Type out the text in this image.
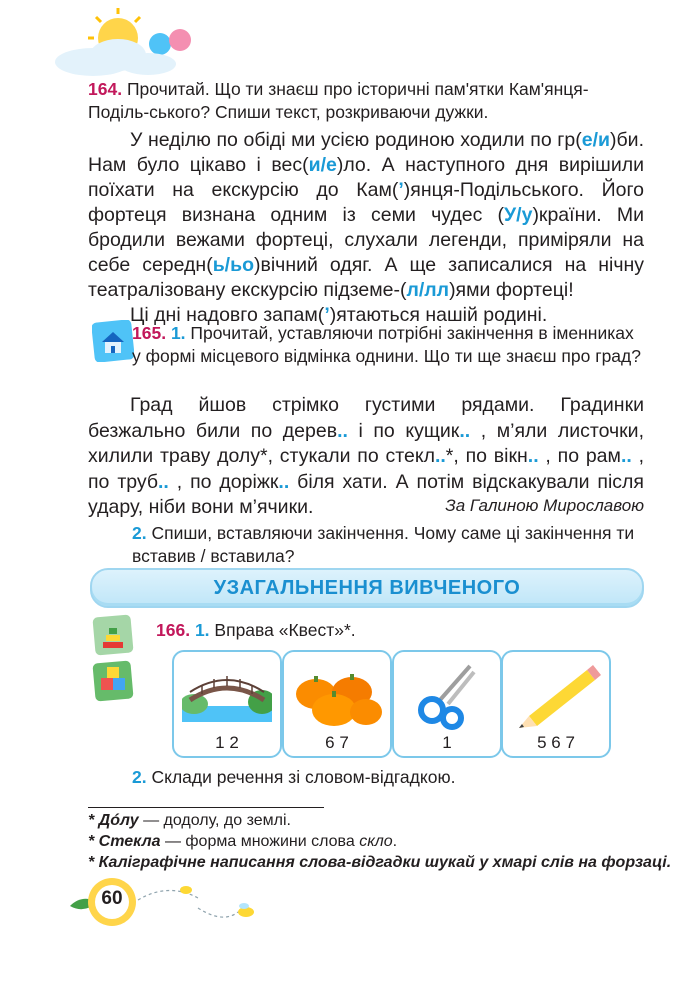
164. Прочитай. Що ти знаєш про історичні пам'ятки Кам'янця-Поділь-ського? Спиши текст, розкриваючи дужки.

У неділю по обіді ми усією родиною ходили по гр(е/и)би. Нам було цікаво і вес(и/е)ло. А наступного дня вирішили поїхати на екскурсію до Кам(’)янця-Подільського. Його фортеця визнана одним із семи чудес (У/у)країни. Ми бродили вежами фортеці, слухали легенди, приміряли на себе середн(ь/ьо)вічний одяг. А ще записалися на нічну театралізовану екскурсію підземе-(л/лл)ями фортеці!

Ці дні надовго запам(’)ятаються нашій родині.

165. 1. Прочитай, уставляючи потрібні закінчення в іменниках у формі місцевого відмінка однини. Що ти ще знаєш про град?

Град йшов стрімко густими рядами. Градинки безжально били по дерев.. і по кущик.. , м’яли листочки, хилили траву долу*, стукали по стекл..*, по вікн.. , по рам.. , по труб.. , по доріжк.. біля хати. А потім відскакували після удару, ніби вони м’ячики.	За Галиною Мирославою
2. Спиши, вставляючи закінчення. Чому саме ці закінчення ти вставив / вставила?
УЗАГАЛЬНЕННЯ ВИВЧЕНОГО
166. 1. Вправа «Квест»*.
1 2	6 7	1	5 6 7
2. Склади речення зі словом-відгадкою.
* Дóлу — додолу, до землі.
* Стекла — форма множини слова скло.
* Каліграфічне написання слова-відгадки шукай у хмарі слів на форзаці.
60
